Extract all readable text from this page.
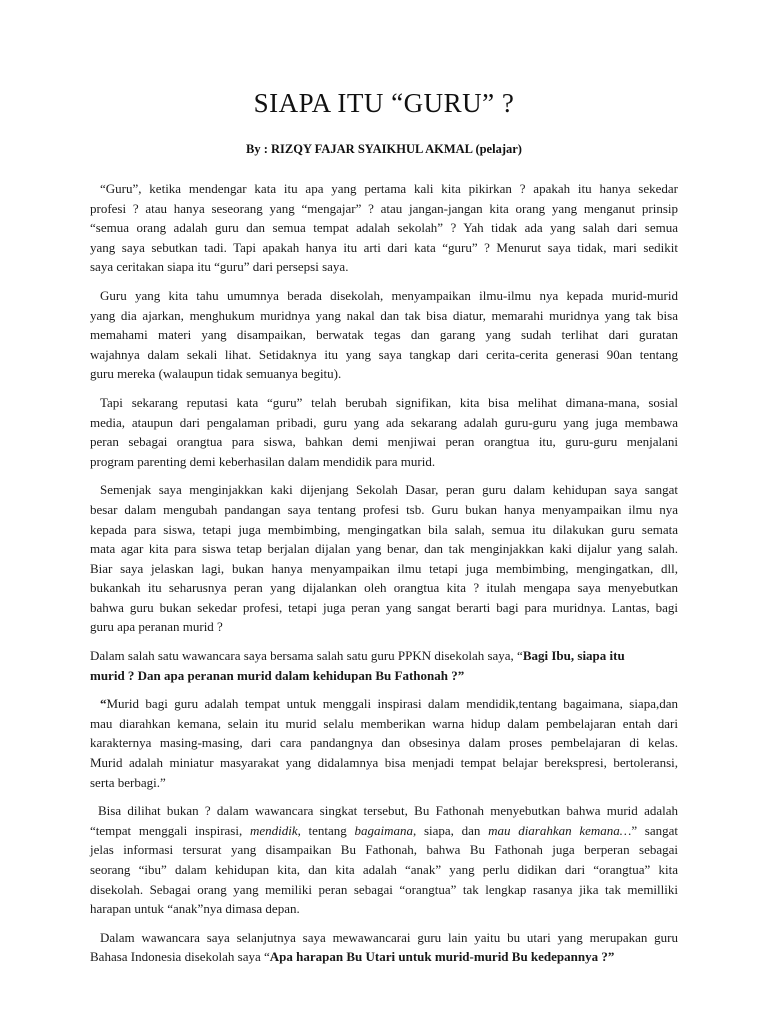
SIAPA ITU “GURU” ?
By : RIZQY FAJAR SYAIKHUL AKMAL (pelajar)
“Guru”, ketika mendengar kata itu apa yang pertama kali kita pikirkan ? apakah itu hanya sekedar
profesi ? atau hanya seseorang yang “mengajar” ? atau jangan-jangan kita orang yang menganut prinsip
“semua orang adalah guru dan semua tempat adalah sekolah” ? Yah tidak ada yang salah dari semua
yang saya sebutkan tadi. Tapi apakah hanya itu arti dari kata “guru” ? Menurut saya tidak, mari sedikit
saya ceritakan siapa itu “guru” dari persepsi saya.
Guru yang kita tahu umumnya berada disekolah, menyampaikan ilmu-ilmu nya kepada murid-murid
yang dia ajarkan, menghukum muridnya yang nakal dan tak bisa diatur, memarahi muridnya yang tak bisa
memahami materi yang disampaikan, berwatak tegas dan garang yang sudah terlihat dari guratan
wajahnya dalam sekali lihat. Setidaknya itu yang saya tangkap dari cerita-cerita generasi 90an tentang
guru mereka (walaupun tidak semuanya begitu).
Tapi sekarang reputasi kata “guru” telah berubah signifikan, kita bisa melihat dimana-mana, sosial
media, ataupun dari pengalaman pribadi, guru yang ada sekarang adalah guru-guru yang juga membawa
peran sebagai orangtua para siswa, bahkan demi menjiwai peran orangtua itu, guru-guru menjalani
program parenting demi keberhasilan dalam mendidik para murid.
Semenjak saya menginjakkan kaki dijenjang Sekolah Dasar, peran guru dalam kehidupan saya sangat
besar dalam mengubah pandangan saya tentang profesi tsb. Guru bukan hanya menyampaikan ilmu nya
kepada para siswa, tetapi juga membimbing, mengingatkan bila salah, semua itu dilakukan guru semata
mata agar kita para siswa tetap berjalan dijalan yang benar, dan tak menginjakkan kaki dijalur yang salah.
Biar saya jelaskan lagi, bukan hanya menyampaikan ilmu tetapi juga membimbing, mengingatkan, dll,
bukankah itu seharusnya peran yang dijalankan oleh orangtua kita ? itulah mengapa saya menyebutkan
bahwa guru bukan sekedar profesi, tetapi juga peran yang sangat berarti bagi para muridnya. Lantas, bagi
guru apa peranan murid ?
Dalam salah satu wawancara saya bersama salah satu guru PPKN disekolah saya, “Bagi Ibu, siapa itu
murid ? Dan apa peranan murid dalam kehidupan Bu Fathonah ?”
“Murid bagi guru adalah tempat untuk menggali inspirasi dalam mendidik,tentang bagaimana, siapa,dan
mau diarahkan kemana, selain itu murid selalu memberikan warna hidup dalam pembelajaran entah dari
karakternya masing-masing, dari cara pandangnya dan obsesinya dalam proses pembelajaran di kelas.
Murid adalah miniatur masyarakat yang didalamnya bisa menjadi tempat belajar berekspresi, bertoleransi,
serta berbagi.”
Bisa dilihat bukan ? dalam wawancara singkat tersebut, Bu Fathonah menyebutkan bahwa murid adalah
“tempat menggali inspirasi, mendidik, tentang bagaimana, siapa, dan mau diarahkan kemana…” sangat
jelas informasi tersurat yang disampaikan Bu Fathonah, bahwa Bu Fathonah juga berperan sebagai
seorang “ibu” dalam kehidupan kita, dan kita adalah “anak” yang perlu didikan dari “orangtua” kita
disekolah. Sebagai orang yang memiliki peran sebagai “orangtua” tak lengkap rasanya jika tak memilliki
harapan untuk “anak”nya dimasa depan.
Dalam wawancara saya selanjutnya saya mewawancarai guru lain yaitu bu utari yang merupakan guru
Bahasa Indonesia disekolah saya “Apa harapan Bu Utari untuk murid-murid Bu kedepannya ?”
